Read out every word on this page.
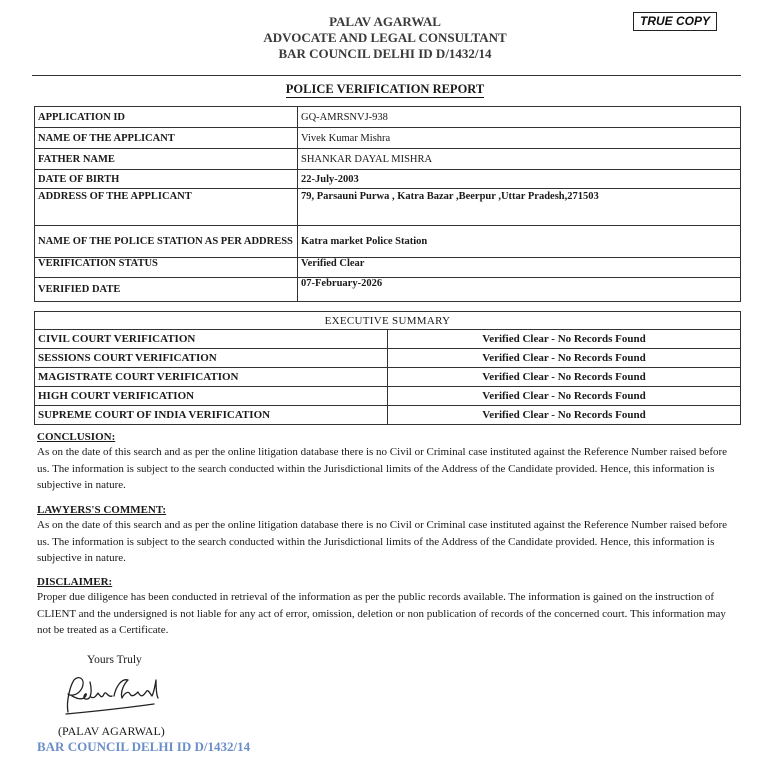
PALAV AGARWAL
ADVOCATE AND LEGAL CONSULTANT
BAR COUNCIL DELHI ID D/1432/14
TRUE COPY
POLICE VERIFICATION REPORT
APPLICATION ID	GQ-AMRSNVJ-938
NAME OF THE APPLICANT	Vivek Kumar Mishra
FATHER NAME	SHANKAR DAYAL MISHRA
DATE OF BIRTH	22-July-2003
ADDRESS OF THE APPLICANT	79, Parsauni Purwa , Katra Bazar ,Beerpur ,Uttar Pradesh,271503
NAME OF THE POLICE STATION AS PER ADDRESS	Katra market Police Station
VERIFICATION STATUS	Verified Clear
VERIFIED DATE	07-February-2026
EXECUTIVE SUMMARY	
CIVIL COURT VERIFICATION	Verified Clear - No Records Found
SESSIONS COURT VERIFICATION	Verified Clear - No Records Found
MAGISTRATE COURT VERIFICATION	Verified Clear - No Records Found
HIGH COURT VERIFICATION	Verified Clear - No Records Found
SUPREME COURT OF INDIA VERIFICATION	Verified Clear - No Records Found
CONCLUSION:
As on the date of this search and as per the online litigation database there is no Civil or Criminal case instituted against the Reference Number raised before us. The information is subject to the search conducted within the Jurisdictional limits of the Address of the Candidate provided. Hence, this information is subjective in nature.
LAWYERS'S COMMENT:
As on the date of this search and as per the online litigation database there is no Civil or Criminal case instituted against the Reference Number raised before us. The information is subject to the search conducted within the Jurisdictional limits of the Address of the Candidate provided. Hence, this information is subjective in nature.
DISCLAIMER:
Proper due diligence has been conducted in retrieval of the information as per the public records available. The information is gained on the instruction of CLIENT and the undersigned is not liable for any act of error, omission, deletion or non publication of records of the concerned court. This information may not be treated as a Certificate.
Yours Truly
(PALAV AGARWAL)
BAR COUNCIL DELHI ID D/1432/14
